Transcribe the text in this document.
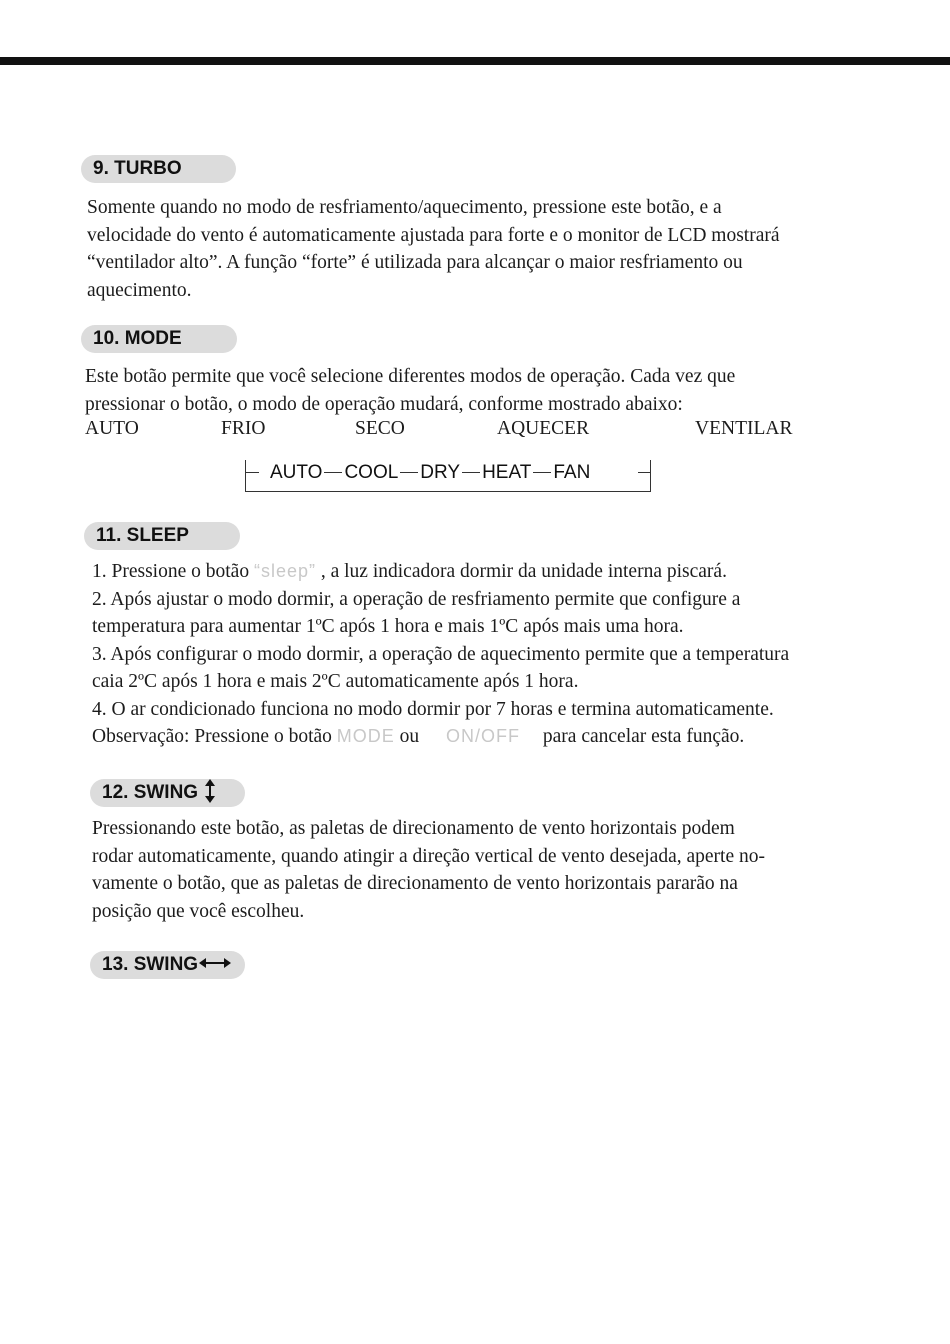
9. TURBO
Somente quando no modo de resfriamento/aquecimento, pressione este botão, e a
velocidade do vento é automaticamente ajustada para forte e o monitor de LCD mostrará
“ventilador alto”. A função “forte” é utilizada para alcançar o maior resfriamento ou
aquecimento.
10. MODE
Este botão permite que você selecione diferentes modos de operação. Cada vez que
pressionar o botão, o modo de operação mudará, conforme mostrado abaixo:
AUTO	FRIO	SECO	AQUECER	VENTILAR
AUTO COOL DRY HEAT FAN
11. SLEEP
1. Pressione o botão “sleep” , a luz indicadora dormir da unidade interna piscará.
2. Após ajustar o modo dormir, a operação de resfriamento permite que configure a
temperatura para aumentar 1ºC após 1 hora e mais 1ºC após mais uma hora.
3. Após configurar o modo dormir, a operação de aquecimento permite que a temperatura
caia 2ºC após 1 hora e mais 2ºC automaticamente após 1 hora.
4. O ar condicionado funciona no modo dormir por 7 horas e termina automaticamente.
Observação: Pressione o botão MODE ou ON/OFF para cancelar esta função.
12. SWING
Pressionando este botão, as paletas de direcionamento de vento horizontais podem
rodar automaticamente, quando atingir a direção vertical de vento desejada, aperte no-
vamente o botão, que as paletas de direcionamento de vento horizontais pararão na
posição que você escolheu.
13. SWING
